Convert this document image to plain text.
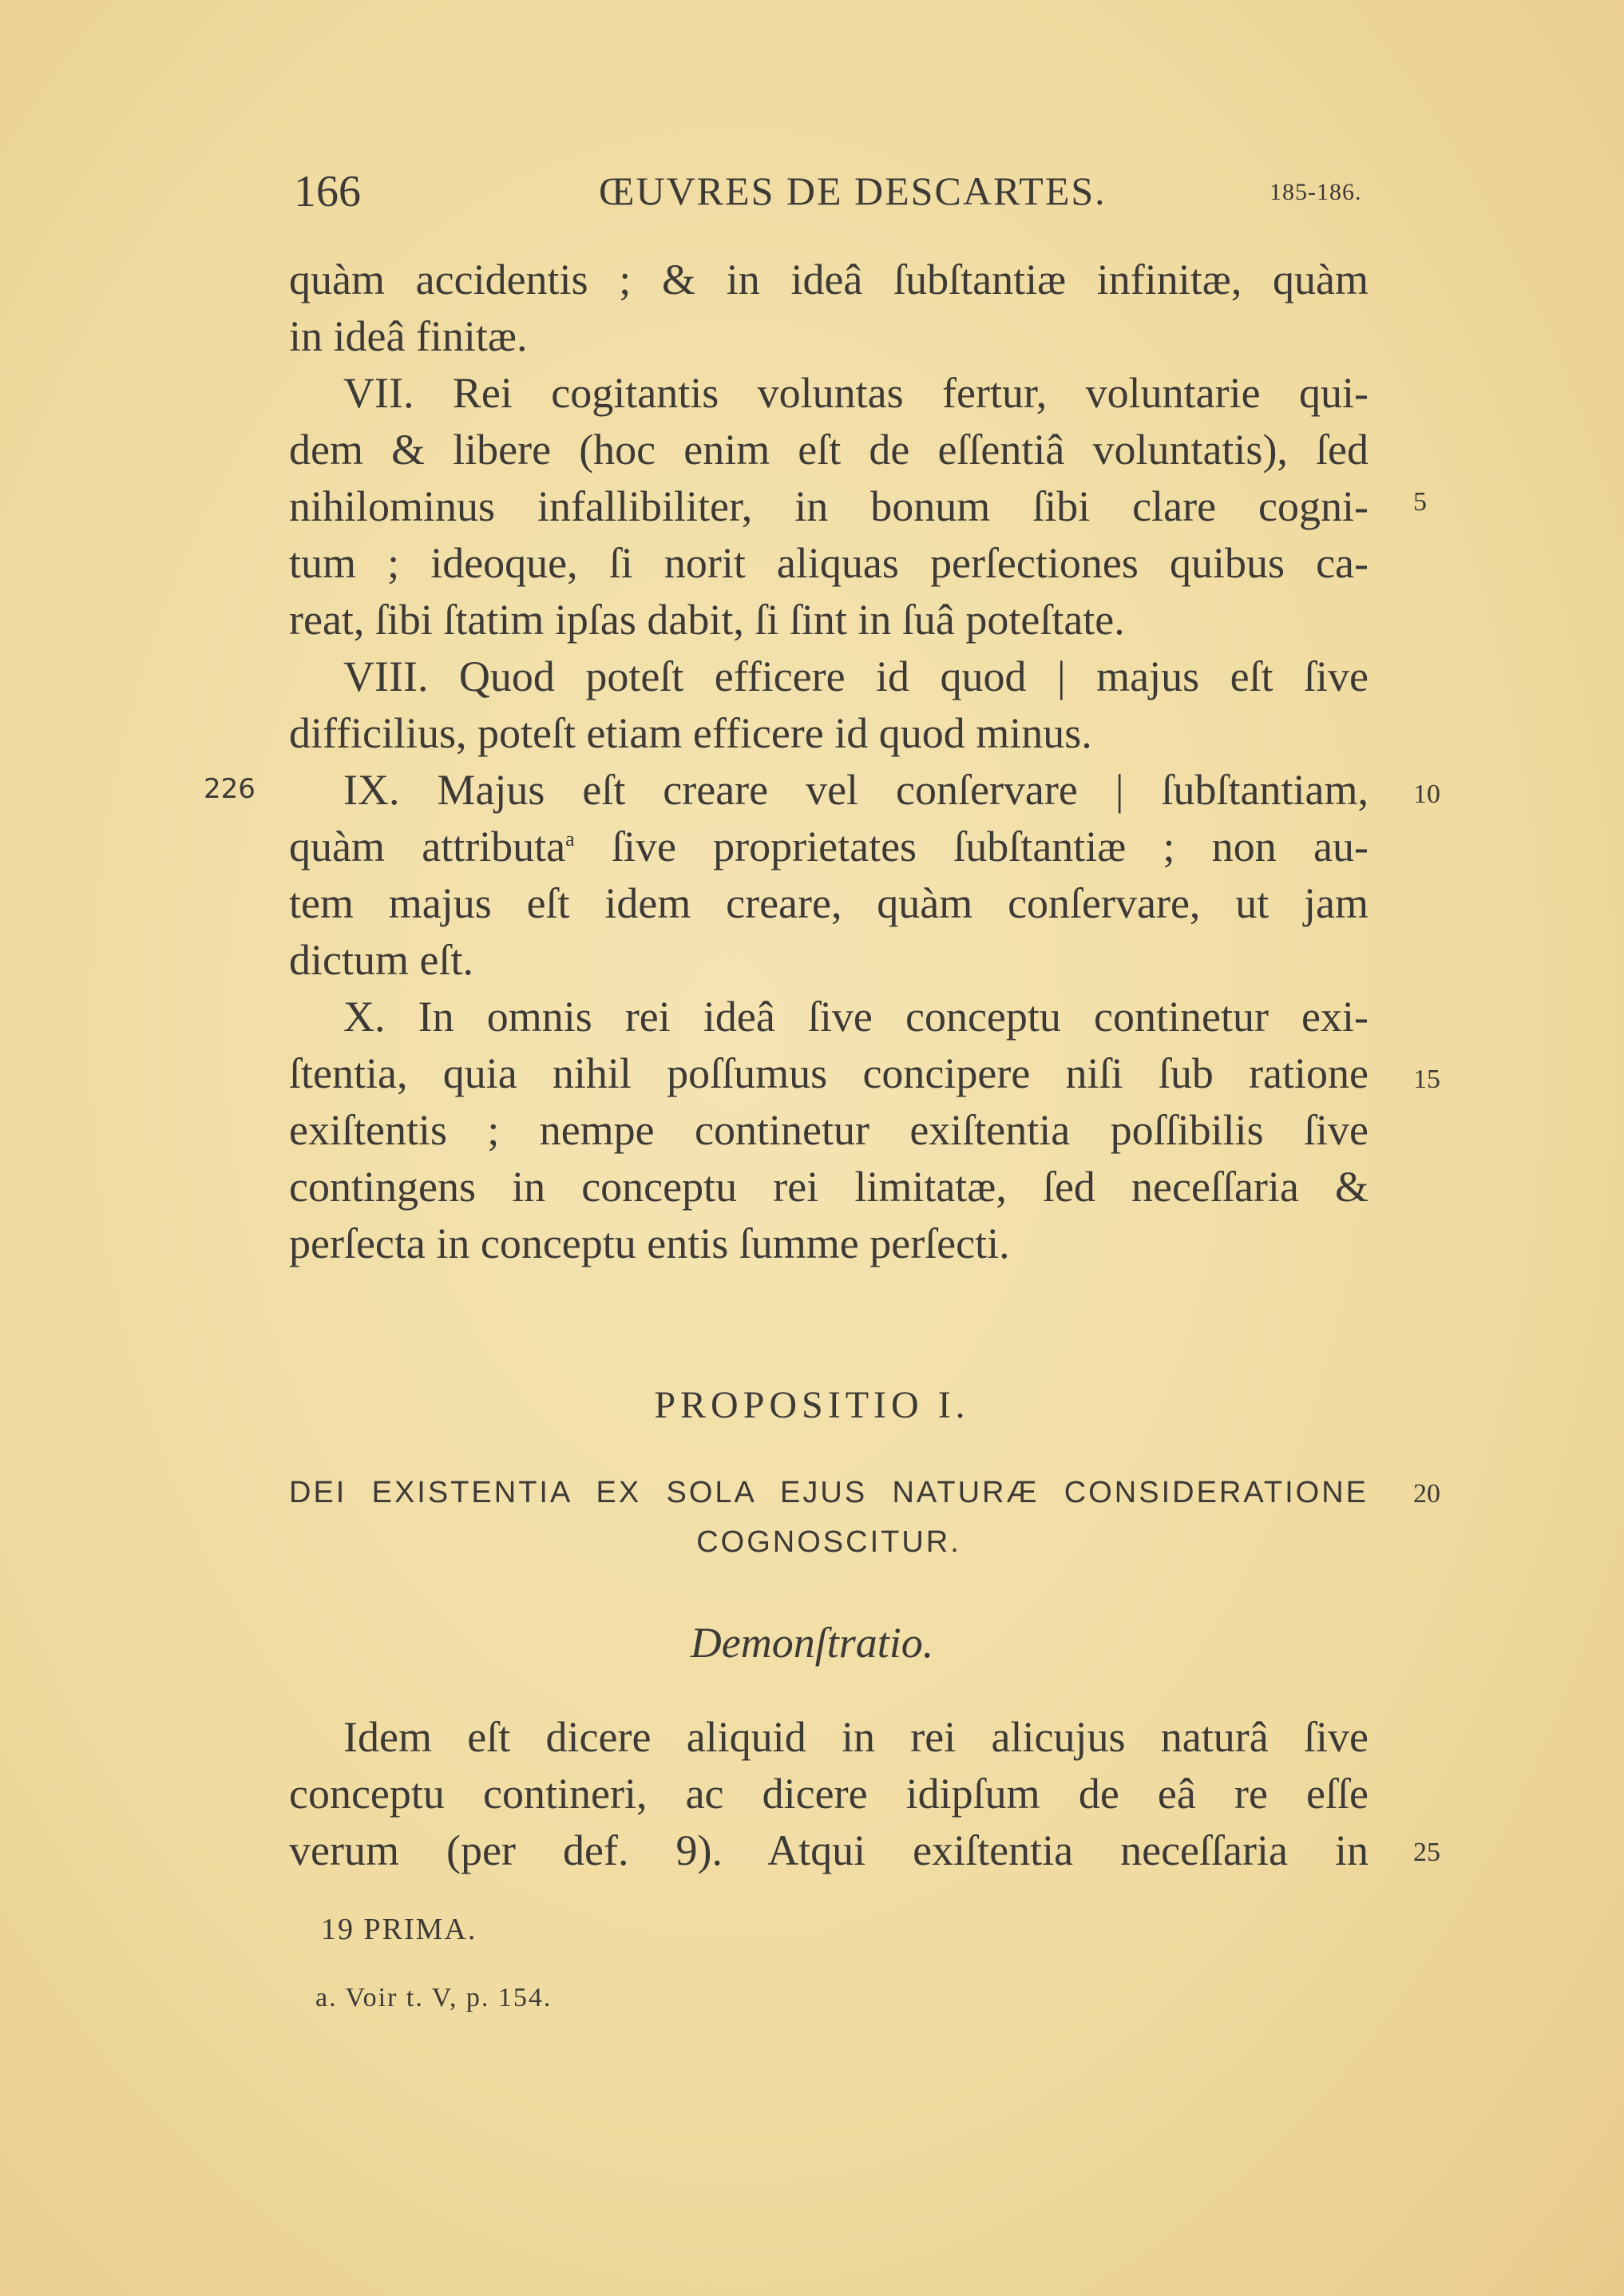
166	ŒUVRES DE DESCARTES.	185-186.
quàm accidentis ; & in ideâ ſubſtantiæ infinitæ, quàm
in ideâ finitæ.
VII. Rei cogitantis voluntas fertur, voluntarie qui-
dem & libere (hoc enim eſt de eſſentiâ voluntatis), ſed
nihilominus infallibiliter, in bonum ſibi clare cogni-
tum ; ideoque, ſi norit aliquas perſectiones quibus ca-
reat, ſibi ſtatim ipſas dabit, ſi ſint in ſuâ poteſtate.
VIII. Quod poteſt efficere id quod | majus eſt ſive
difficilius, poteſt etiam efficere id quod minus.
IX. Majus eſt creare vel conſervare | ſubſtantiam,
quàm attributa$^a$ ſive proprietates ſubſtantiæ ; non au-
tem majus eſt idem creare, quàm conſervare, ut jam
dictum eſt.
X. In omnis rei ideâ ſive conceptu continetur exi-
ſtentia, quia nihil poſſumus concipere niſi ſub ratione
exiſtentis ; nempe continetur exiſtentia poſſibilis ſive
contingens in conceptu rei limitatæ, ſed neceſſaria &
perſecta in conceptu entis ſumme perſecti.
PROPOSITIO I.
DEI EXISTENTIA EX SOLA EJUS NATURÆ CONSIDERATIONE
COGNOSCITUR.
Demonſtratio.
Idem eſt dicere aliquid in rei alicujus naturâ ſive
conceptu contineri, ac dicere idipſum de eâ re eſſe
verum (per def. 9). Atqui exiſtentia neceſſaria in
5
10
15
20
25
226
19 PRIMA.
a. Voir t. V, p. 154.
